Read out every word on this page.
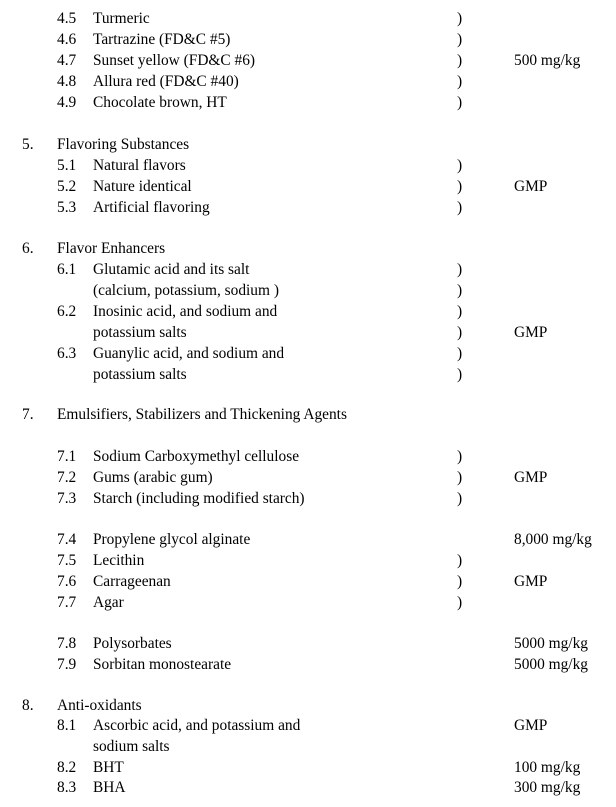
4.5 Turmeric	)
4.6 Tartrazine (FD&C #5)	)
4.7 Sunset yellow (FD&C #6)	)	500 mg/kg
4.8 Allura red (FD&C #40)	)
4.9 Chocolate brown, HT	)
5. Flavoring Substances
5.1 Natural flavors	)
5.2 Nature identical	)	GMP
5.3 Artificial flavoring	)
6. Flavor Enhancers
6.1 Glutamic acid and its salt	)
(calcium, potassium, sodium )	)
6.2 Inosinic acid, and sodium and	)
potassium salts	)	GMP
6.3 Guanylic acid, and sodium and	)
potassium salts	)
7. Emulsifiers, Stabilizers and Thickening Agents
7.1 Sodium Carboxymethyl cellulose	)
7.2 Gums (arabic gum)	)	GMP
7.3 Starch (including modified starch)	)
7.4 Propylene glycol alginate	8,000 mg/kg
7.5 Lecithin	)
7.6 Carrageenan	)	GMP
7.7 Agar	)
7.8 Polysorbates	5000 mg/kg
7.9 Sorbitan monostearate	5000 mg/kg
8. Anti-oxidants
8.1 Ascorbic acid, and potassium and	GMP
sodium salts
8.2 BHT	100 mg/kg
8.3 BHA	300 mg/kg
